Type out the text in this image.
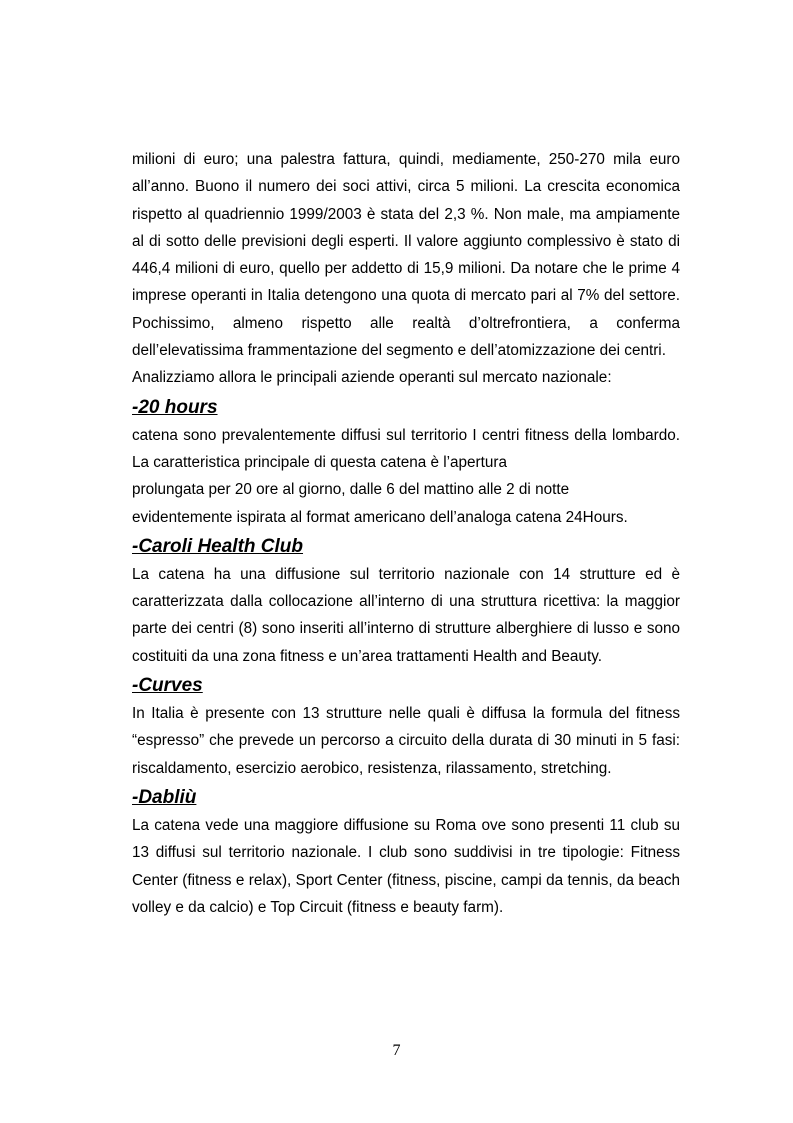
milioni di euro; una palestra fattura, quindi, mediamente, 250-270 mila euro all’anno. Buono il numero dei soci attivi, circa 5 milioni. La crescita economica rispetto al quadriennio 1999/2003 è stata del 2,3 %. Non male, ma ampiamente al di sotto delle previsioni degli esperti. Il valore aggiunto complessivo è stato di 446,4 milioni di euro, quello per addetto di 15,9 milioni. Da notare che le prime 4 imprese operanti in Italia detengono una quota di mercato pari al 7% del settore. Pochissimo, almeno rispetto alle realtà d’oltrefrontiera, a conferma dell’elevatissima frammentazione del segmento e dell’atomizzazione dei centri.

Analizziamo allora le principali aziende operanti sul mercato nazionale:

-20 hours

catena sono prevalentemente diffusi sul territorio I centri fitness della lombardo. La caratteristica principale di questa catena è l’apertura

prolungata per 20 ore al giorno, dalle 6 del mattino alle 2 di notte

evidentemente ispirata al format americano dell’analoga catena 24Hours.

-Caroli Health Club

La catena ha una diffusione sul territorio nazionale con 14 strutture ed è caratterizzata dalla collocazione all’interno di una struttura ricettiva: la maggior parte dei centri (8) sono inseriti all’interno di strutture alberghiere di lusso e sono costituiti da una zona fitness e un’area trattamenti Health and Beauty.

-Curves

In Italia è presente con 13 strutture nelle quali è diffusa la formula del fitness “espresso” che prevede un percorso a circuito della durata di 30 minuti in 5 fasi: riscaldamento, esercizio aerobico, resistenza, rilassamento, stretching.

-Dabliù

La catena vede una maggiore diffusione su Roma ove sono presenti 11 club su 13 diffusi sul territorio nazionale. I club sono suddivisi in tre tipologie: Fitness Center (fitness e relax), Sport Center (fitness, piscine, campi da tennis, da beach volley e da calcio) e Top Circuit (fitness e beauty farm).

7
